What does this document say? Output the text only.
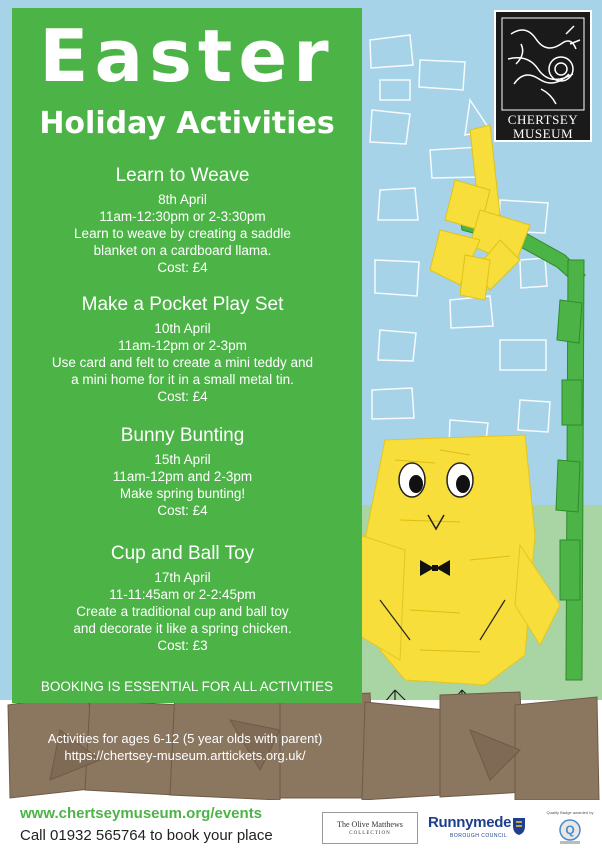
Easter
Holiday Activities
Learn to Weave
8th April
11am-12:30pm or 2-3:30pm
Learn to weave by creating a saddle
blanket on a cardboard llama.
Cost: £4
Make a Pocket Play Set
10th April
11am-12pm or 2-3pm
Use card and felt to create a mini teddy and
a mini home for it in a small metal tin.
Cost: £4
Bunny Bunting
15th April
11am-12pm and 2-3pm
Make spring bunting!
Cost: £4
Cup and Ball Toy
17th April
11-11:45am or 2-2:45pm
Create a traditional cup and ball toy
and decorate it like a spring chicken.
Cost: £3
BOOKING IS ESSENTIAL FOR ALL ACTIVITIES
Activities for ages 6-12 (5 year olds with parent)
https://chertsey-museum.arttickets.org.uk/
CHERTSEY
MUSEUM
www.chertseymuseum.org/events
Call 01932 565764 to book your place
The Olive Matthews
COLLECTION
Runnymede
BOROUGH COUNCIL
Quality Badge awarded by
Q
